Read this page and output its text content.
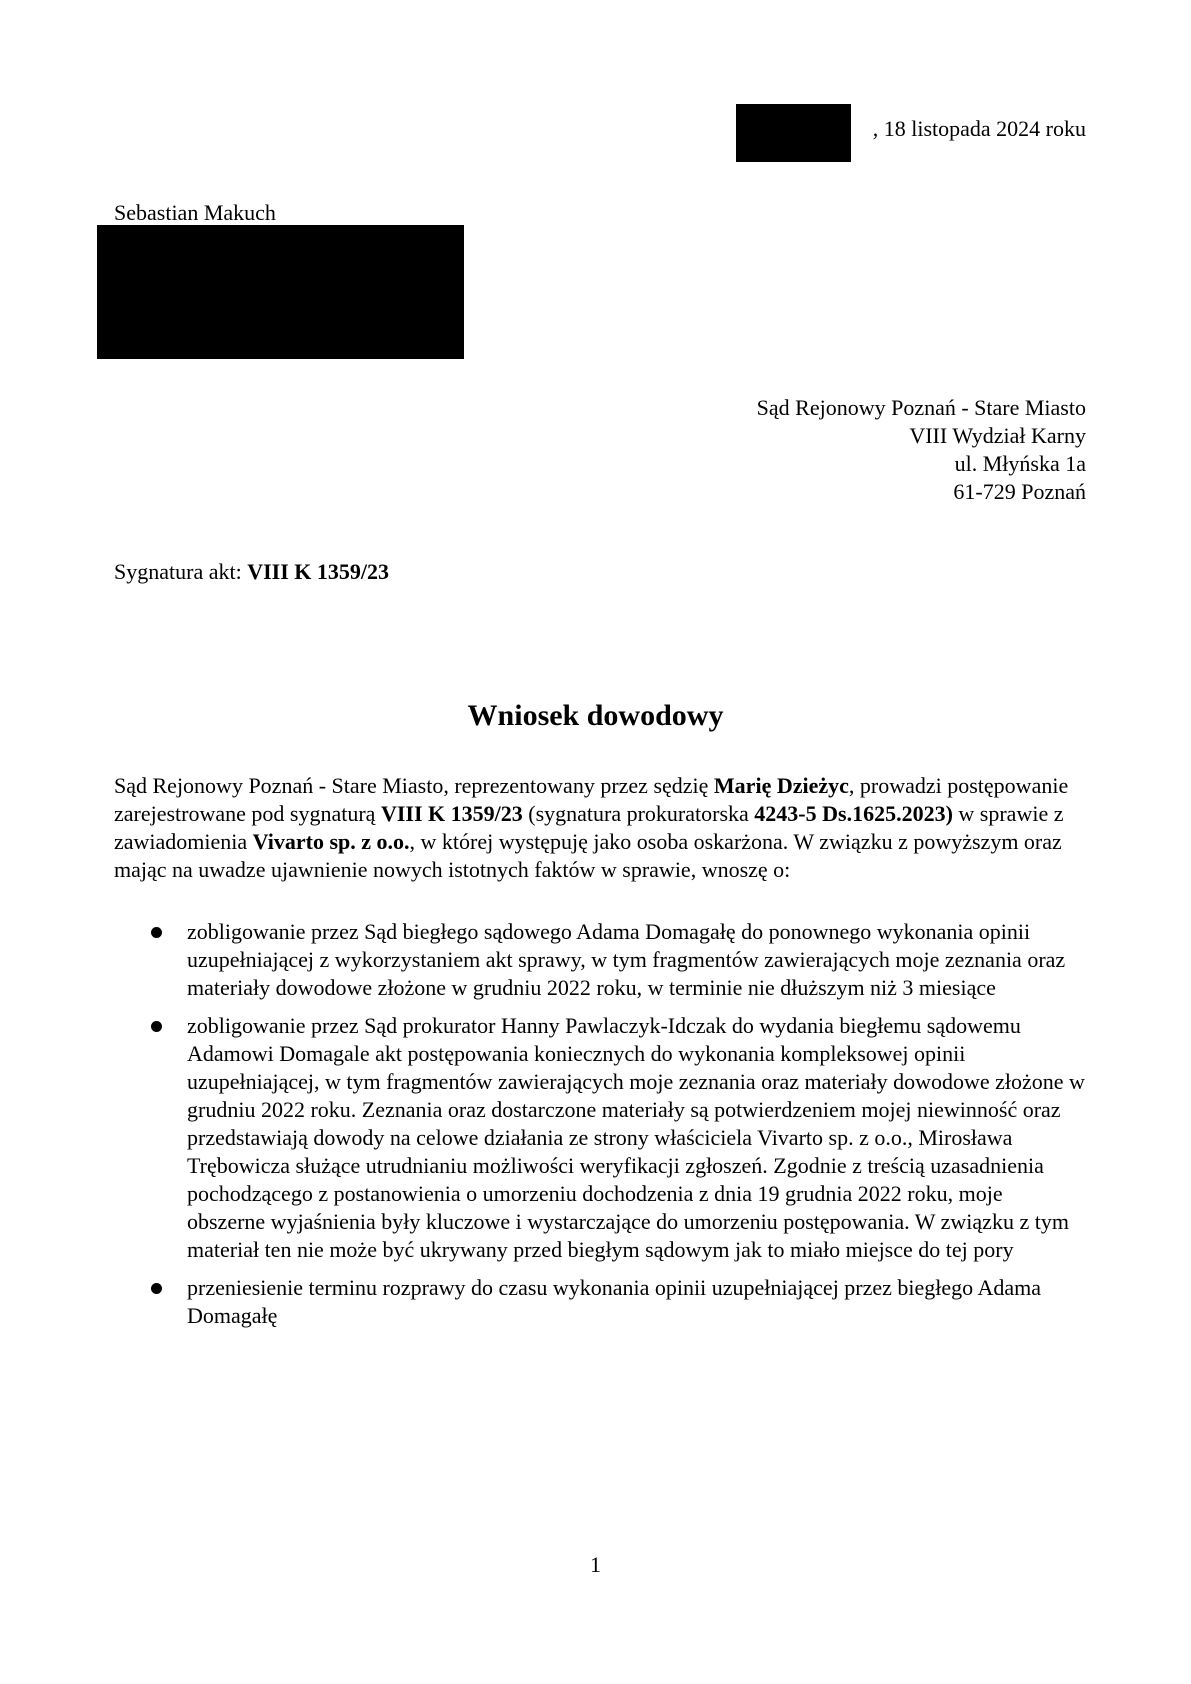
, 18 listopada 2024 roku
Sebastian Makuch
Sąd Rejonowy Poznań - Stare Miasto
VIII Wydział Karny
ul. Młyńska 1a
61-729 Poznań
Sygnatura akt: VIII K 1359/23
Wniosek dowodowy

Sąd Rejonowy Poznań - Stare Miasto, reprezentowany przez sędzię Marię Dzieżyc, prowadzi postępowanie zarejestrowane pod sygnaturą VIII K 1359/23 (sygnatura prokuratorska 4243-5 Ds.1625.2023) w sprawie z zawiadomienia Vivarto sp. z o.o., w której występuję jako osoba oskarżona. W związku z powyższym oraz mając na uwadze ujawnienie nowych istotnych faktów w sprawie, wnoszę o:

zobligowanie przez Sąd biegłego sądowego Adama Domagałę do ponownego wykonania opinii uzupełniającej z wykorzystaniem akt sprawy, w tym fragmentów zawierających moje zeznania oraz materiały dowodowe złożone w grudniu 2022 roku, w terminie nie dłuższym niż 3 miesiące
zobligowanie przez Sąd prokurator Hanny Pawlaczyk-Idczak do wydania biegłemu sądowemu Adamowi Domagale akt postępowania koniecznych do wykonania kompleksowej opinii uzupełniającej, w tym fragmentów zawierających moje zeznania oraz materiały dowodowe złożone w grudniu 2022 roku. Zeznania oraz dostarczone materiały są potwierdzeniem mojej niewinność oraz przedstawiają dowody na celowe działania ze strony właściciela Vivarto sp. z o.o., Mirosława Trębowicza służące utrudnianiu możliwości weryfikacji zgłoszeń. Zgodnie z treścią uzasadnienia pochodzącego z postanowienia o umorzeniu dochodzenia z dnia 19 grudnia 2022 roku, moje obszerne wyjaśnienia były kluczowe i wystarczające do umorzeniu postępowania. W związku z tym materiał ten nie może być ukrywany przed biegłym sądowym jak to miało miejsce do tej pory
przeniesienie terminu rozprawy do czasu wykonania opinii uzupełniającej przez biegłego Adama Domagałę
1
